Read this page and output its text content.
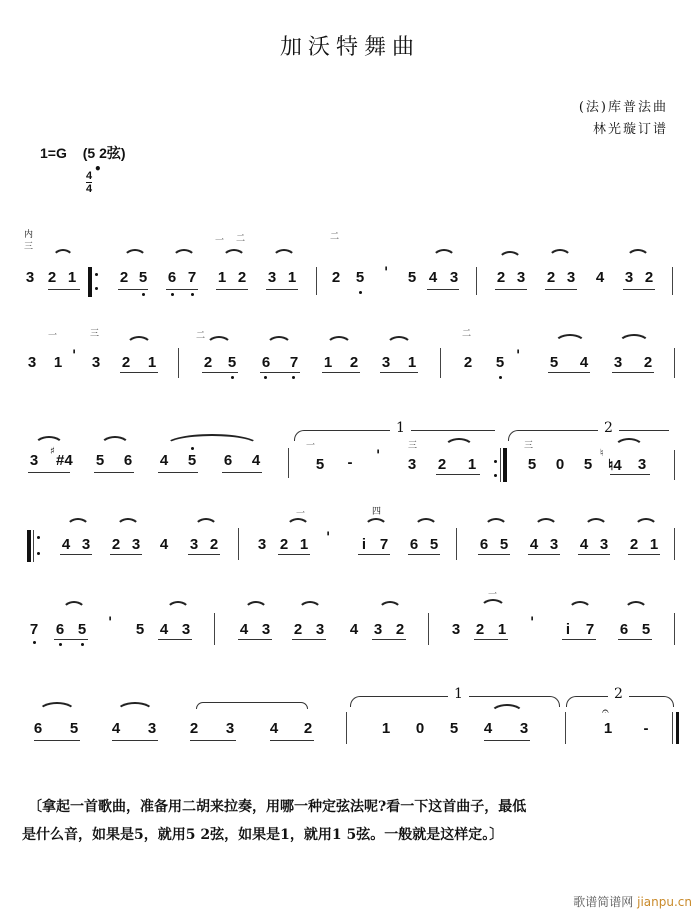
加沃特舞曲
(法)库普法曲
林光璇订谱
1=G (5 2弦)
4
4
•
内
三
3 2 1	2 5 6 7
一 二
1 2 3 1
二
2 5 ' 5 4 3	2 3 2 3 4 3 2
一	三
3 1 ' 3 2 1
二
2 5 6 7 1 2 3 1
二
2 5 ' 5 4 3 2
3
♯
#4 5 6 4 5 6 4
1
一
5 - '
三
3 2 1
2
三
5 0 5
♮
♮4 3
4 3 2 3 4 3 2	3
一
2 1 '
四
i 7 6 5	6 5 4 3 4 3 2 1
7 6 5 ' 5 4 3	4 3 2 3 4 3 2	3
一
2 1 ' i 7 6 5
6 5 4 3 2 3 4 2
1
1 0 5 4 3
2
𝄐
1 -
〔拿起一首歌曲，准备用二胡来拉奏，用哪一种定弦法呢?看一下这首曲子，最低
是什么音，如果是5，就用5 2弦，如果是1，就用1 5弦。一般就是这样定。〕
歌谱简谱网 jianpu.cn
